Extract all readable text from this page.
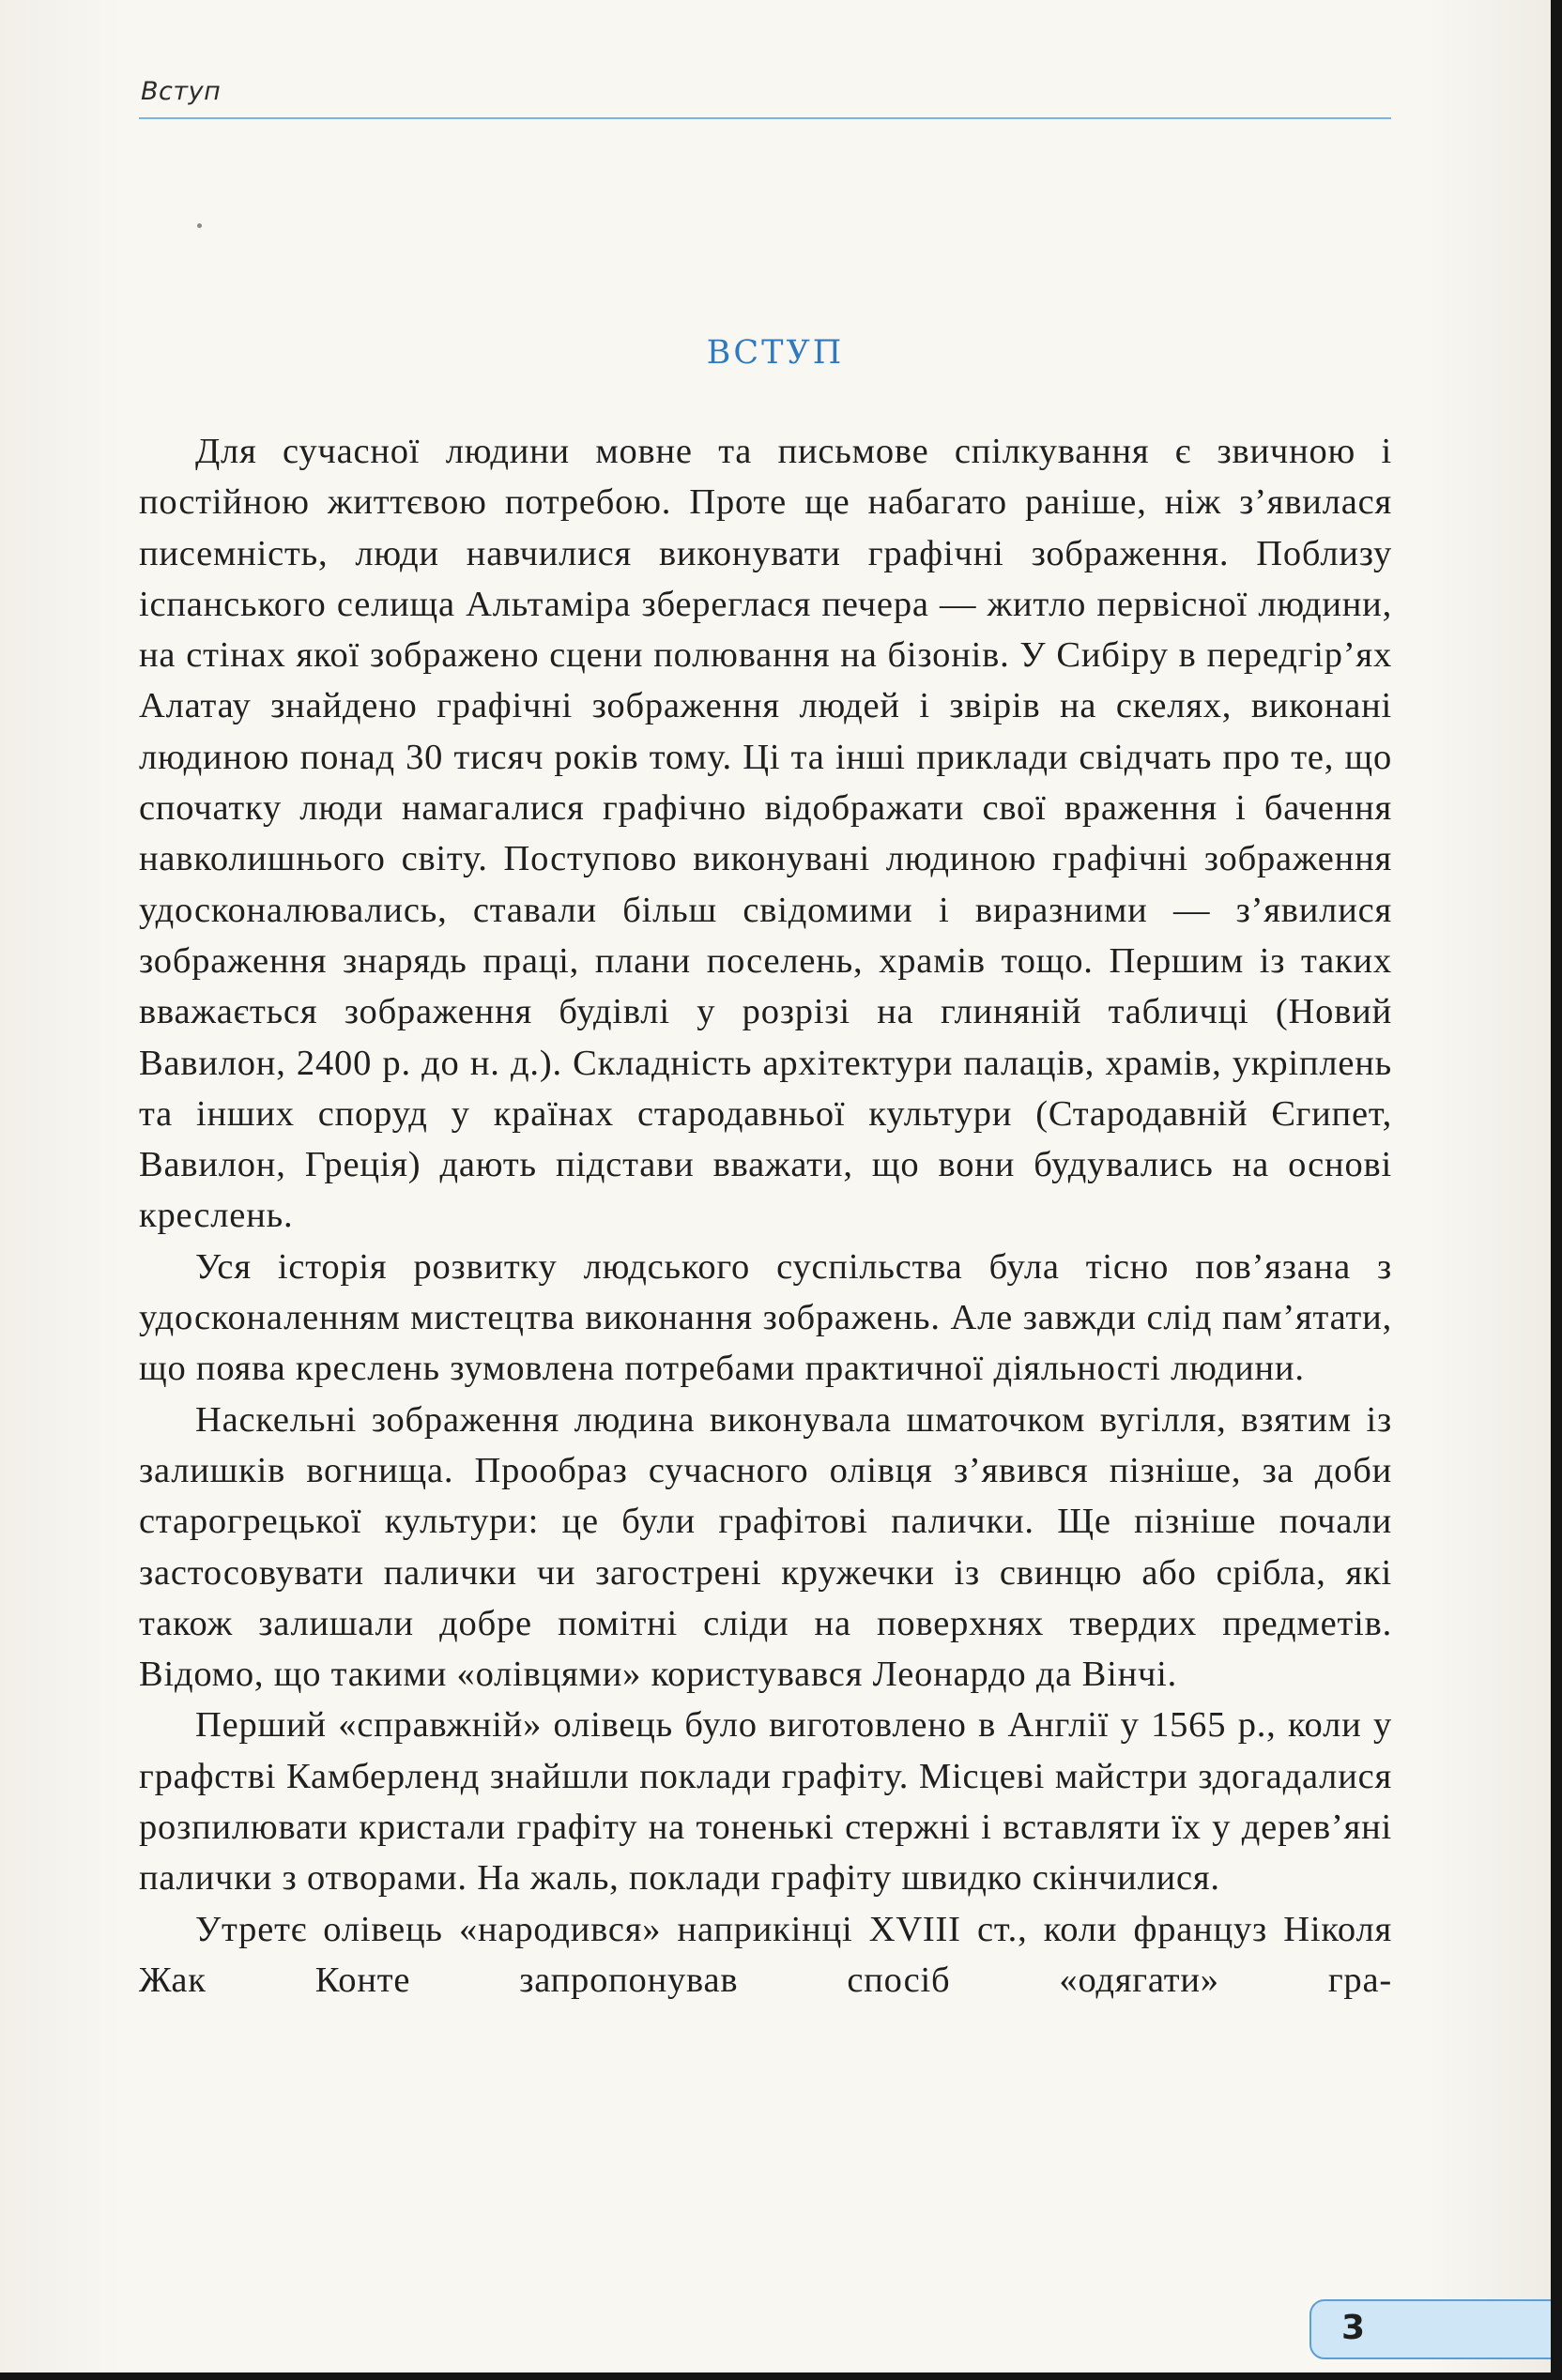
Вступ
ВСТУП

Для сучасної людини мовне та письмове спілкування є звичною і постійною життєвою потребою. Проте ще набагато раніше, ніж з’явилася писемність, люди навчилися виконувати графічні зображення. Поблизу іспанського селища Альтаміра збереглася печера — житло первісної людини, на стінах якої зображено сцени полювання на бізонів. У Сибіру в передгір’ях Алатау знайдено графічні зображення людей і звірів на скелях, виконані людиною понад 30 тисяч років тому. Ці та інші приклади свідчать про те, що спочатку люди намагалися графічно відображати свої враження і бачення навколишнього світу. Поступово виконувані людиною графічні зображення удосконалювались, ставали більш свідомими і виразними — з’явилися зображення знарядь праці, плани поселень, храмів тощо. Першим із таких вважається зображення будівлі у розрізі на глиняній табличці (Новий Вавилон, 2400 р. до н. д.). Складність архітектури палаців, храмів, укріплень та інших споруд у країнах стародавньої культури (Стародавній Єгипет, Вавилон, Греція) дають підстави вважати, що вони будувались на основі креслень.

Уся історія розвитку людського суспільства була тісно пов’язана з удосконаленням мистецтва виконання зображень. Але завжди слід пам’ятати, що поява креслень зумовлена потребами практичної діяльності людини.

Наскельні зображення людина виконувала шматочком вугілля, взятим із залишків вогнища. Прообраз сучасного олівця з’явився пізніше, за доби старогрецької культури: це були графітові палички. Ще пізніше почали застосовувати палички чи загострені кружечки із свинцю або срібла, які також залишали добре помітні сліди на поверхнях твердих предметів. Відомо, що такими «олівцями» користувався Леонардо да Вінчі.

Перший «справжній» олівець було виготовлено в Англії у 1565 р., коли у графстві Камберленд знайшли поклади графіту. Місцеві майстри здогадалися розпилювати кристали графіту на тоненькі стержні і вставляти їх у дерев’яні палички з отворами. На жаль, поклади графіту швидко скінчилися.

Утретє олівець «народився» наприкінці XVIII ст., коли француз Ніколя Жак Конте запропонував спосіб «одягати» гра-

3
